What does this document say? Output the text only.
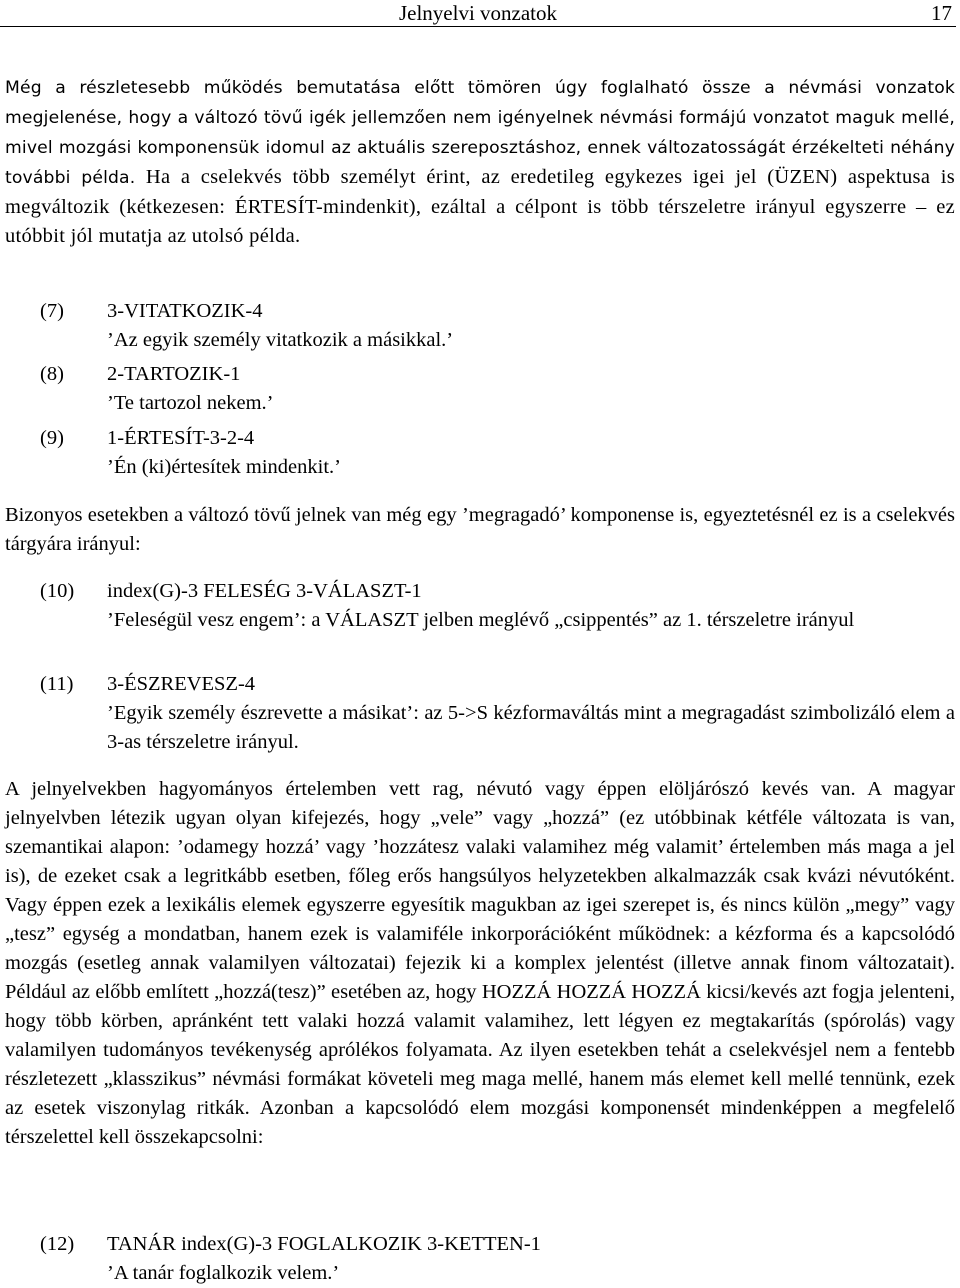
Jelnyelvi vonzatok	17
Még a részletesebb működés bemutatása előtt tömören úgy foglalható össze a névmási vonzatok megjelenése, hogy a változó tövű igék jellemzően nem igényelnek névmási formájú vonzatot maguk mellé, mivel mozgási komponensük idomul az aktuális szereposztáshoz, ennek változatosságát érzékelteti néhány további példa. Ha a cselekvés több személyt érint, az eredetileg egykezes igei jel (ÜZEN) aspektusa is megváltozik (kétkezesen: ÉRTESÍT-mindenkit), ezáltal a célpont is több térszeletre irányul egyszerre – ez utóbbit jól mutatja az utolsó példa.
(7) 3-VITATKOZIK-4
’Az egyik személy vitatkozik a másikkal.’
(8) 2-TARTOZIK-1
’Te tartozol nekem.’
(9) 1-ÉRTESÍT-3-2-4
’Én (ki)értesítek mindenkit.’
Bizonyos esetekben a változó tövű jelnek van még egy ’megragadó’ komponense is, egyeztetésnél ez is a cselekvés tárgyára irányul:
(10) index(G)-3 FELESÉG 3-VÁLASZT-1
’Feleségül vesz engem’: a VÁLASZT jelben meglévő „csippentés” az 1. térszeletre irányul
(11) 3-ÉSZREVESZ-4
’Egyik személy észrevette a másikat’: az 5->S kézformaváltás mint a megragadást szimbolizáló elem a 3-as térszeletre irányul.
A jelnyelvekben hagyományos értelemben vett rag, névutó vagy éppen elöljárószó kevés van. A magyar jelnyelvben létezik ugyan olyan kifejezés, hogy „vele” vagy „hozzá” (ez utóbbinak kétféle változata is van, szemantikai alapon: ’odamegy hozzá’ vagy ’hozzátesz valaki valamihez még valamit’ értelemben más maga a jel is), de ezeket csak a legritkább esetben, főleg erős hangsúlyos helyzetekben alkalmazzák csak kvázi névutóként. Vagy éppen ezek a lexikális elemek egyszerre egyesítik magukban az igei szerepet is, és nincs külön „megy” vagy „tesz” egység a mondatban, hanem ezek is valamiféle inkorporációként működnek: a kézforma és a kapcsolódó mozgás (esetleg annak valamilyen változatai) fejezik ki a komplex jelentést (illetve annak finom változatait). Például az előbb említett „hozzá(tesz)” esetében az, hogy HOZZÁ HOZZÁ HOZZÁ kicsi/kevés azt fogja jelenteni, hogy több körben, apránként tett valaki hozzá valamit valamihez, lett légyen ez megtakarítás (spórolás) vagy valamilyen tudományos tevékenység aprólékos folyamata. Az ilyen esetekben tehát a cselekvésjel nem a fentebb részletezett „klasszikus” névmási formákat követeli meg maga mellé, hanem más elemet kell mellé tennünk, ezek az esetek viszonylag ritkák. Azonban a kapcsolódó elem mozgási komponensét mindenképpen a megfelelő térszelettel kell összekapcsolni:
(12) TANÁR index(G)-3 FOGLALKOZIK 3-KETTEN-1
’A tanár foglalkozik velem.’
